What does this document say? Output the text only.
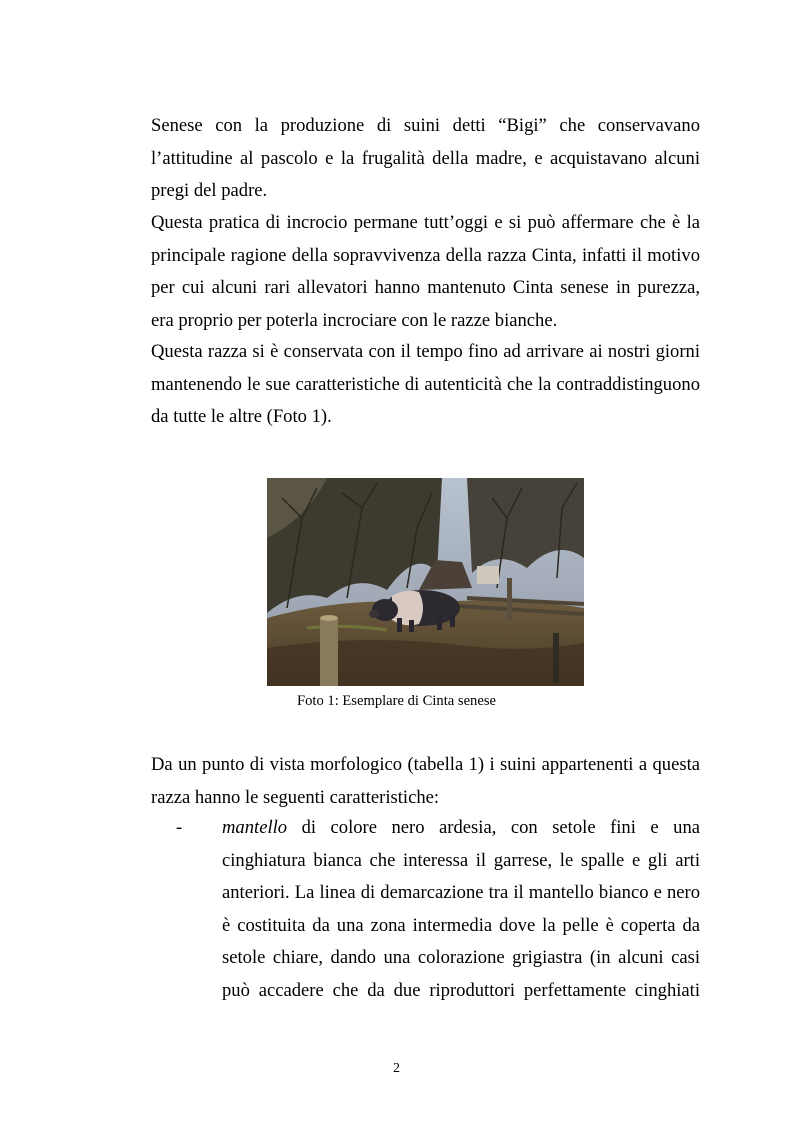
Senese con la produzione di suini detti “Bigi” che conservavano
l’attitudine al pascolo e la frugalità della madre, e acquistavano alcuni
pregi del padre.
Questa pratica di incrocio permane tutt’oggi e si può affermare che è la
principale ragione della sopravvivenza della razza Cinta, infatti il motivo
per cui alcuni rari allevatori hanno mantenuto Cinta senese in purezza,
era proprio per poterla incrociare con le razze bianche.
Questa razza si è conservata con il tempo fino ad arrivare ai nostri giorni
mantenendo le sue caratteristiche di autenticità che la contraddistinguono
da tutte le altre (Foto 1).
Foto 1: Esemplare di Cinta senese
Da un punto di vista morfologico (tabella 1) i suini appartenenti a questa
razza hanno le seguenti caratteristiche:
- mantello di colore nero ardesia, con setole fini e una
cinghiatura bianca che interessa il garrese, le spalle e gli arti
anteriori. La linea di demarcazione tra il mantello bianco e nero
è costituita da una zona intermedia dove la pelle è coperta da
setole chiare, dando una colorazione grigiastra (in alcuni casi
può accadere che da due riproduttori perfettamente cinghiati
2
